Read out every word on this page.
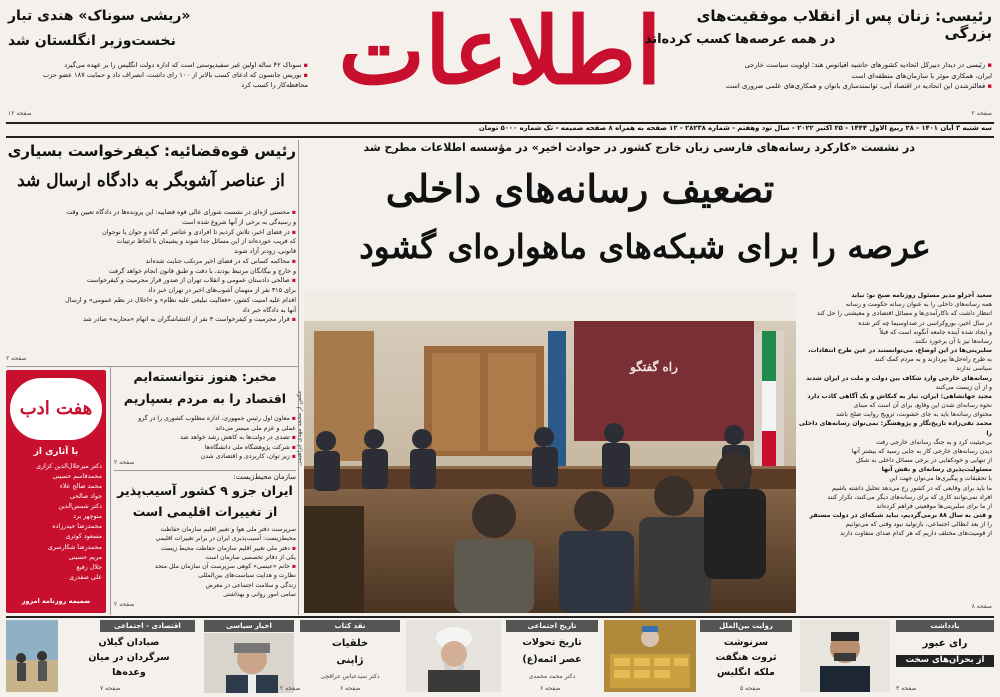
اطلاعات	رئیسی: زنان پس از انقلاب موفقیت‌های بزرگی
در همه عرصه‌ها کسب کرده‌اند
▪ رئیسی در دیدار دبیرکل اتحادیه کشورهای حاشیه اقیانوس هند: اولویت سیاست خارجی
ایران، همکاری موثر با سازمان‌های منطقه‌ای است
▪ فعالترشدن این اتحادیه در اقتصاد آبی، توانمندسازی بانوان و همکاری‌های علمی ضروری است
صفحه ۲
«ریشی سوناک» هندی تبار
نخست‌وزیر انگلستان شد
▪ سوناک ۴۲ ساله اولین غیر سفیدپوستی است که اداره دولت انگلیس را بر عهده می‌گیرد
▪ بوریس جانسون که ادعای کسب بالاتر از ۱۰۰ رای داشت، انصراف داد و حمایت ۱۸۷ عضو حزب
محافظه‌کار را کسب کرد
صفحه ۱۲
سه شنبه ۳ آبان ۱۴۰۱ - ۲۸ ربیع الاول ۱۴۴۴ - ۲۵ اکتبر ۲۰۲۲ - سال نود وهفتم - شماره ۲۸۲۳۸ - ۱۲ صفحه به همراه ۸ صفحه ضمیمه - تک شماره ۵۰۰۰ تومان
در نشست «کارکرد رسانه‌های فارسی زبان خارج کشور در حوادث اخیر» در مؤسسه اطلاعات مطرح شد
تضعیف رسانه‌های داخلی
عرصه را برای شبکه‌های ماهواره‌ای گشود
راه گفتگو
عکس از محمد مهدی ابراهیمی
سعید آجرلو مدیر مسئول روزنامه صبح نو: نباید
همه رسانه‌های داخلی را به عنوان رسانه حکومت و رسانه
انتظار داشت که ناکارآمدی‌ها و مسائل اقتصادی و معیشتی را حل کند
در سال اخیر، بوروکراسی در صداوسیما چه کتر شده
و ایجاد شده آینده جامعه آنگونه است که قبلاً
رسانه‌ها نیز با آن برخورد نکنند.
سلبریتی‌ها در این اوضاع، می‌توانستند در عین طرح انتقادات،
به طرح راه‌حل‌ها بپردازند و به مردم کمک کنند
سیاسی ندارند
رسانه‌های خارجی وارد شکاف بین دولت و ملت در ایران شدند
و از آن زیست می‌کنند
مجید جهانشاهی: ایران، نیاز به کنکاش و یک آگاهی کاذب دارد
نحوه رسانه‌ای شدن این وقایع، برای آن است که مبنای
محتوای رسانه‌ها باید به جای خشونت، ترویج روایت صلح باشد
محمد تقی‌زاده تاریخ‌نگار و پژوهشگر: نمی‌توان رسانه‌های داخلی را
بی‌حیثیت کرد و به جنگ رسانه‌ای خارجی رفت
دیدن رسانه‌های خارجی کار به جایی رسید که بیشتر آنها
از تنهایی و خودکفایی در برخی مسائل داخلی به شکل
مسئولیت‌پذیری رسانه‌ای و نقش آنها
با تحقیقات و پیگیری‌ها می‌توان جهت این
ما باید برای وقایعی که در کشور رخ می‌دهد تحلیل داشته باشیم
افراد نمی‌توانند کاری که برای رسانه‌های دیگر می‌کنند، تکرار کنند
از ما برای سلبریتی‌ها موقعیتی فراهم کرده‌اند
و قتی به سال ۸۸ برمی‌گردیم، نباید شبکه‌ای در دولت مستقر
را از بعد ابطالی اجتماعی، بازتولید نبود وقتی که می‌توانیم
از قومیت‌های مختلف داریم که هر کدام صدای متفاوت دارند
صفحه ۸
رئیس قوه‌قضائیه: کیفرخواست بسیاری
از عناصر آشوبگر به دادگاه ارسال شد
▪ محسنی اژه‌ای در نشست شورای عالی قوه قضاییه: این پرونده‌ها در دادگاه تعیین وقت
و رسیدگی به برخی از آنها شروع شده است
▪ در فضای اخیر، تلاش کردیم تا افرادی و عناصر کم گناه و جوان یا نوجوان
که فریب خورده‌اند از این مسائل جدا شوند و پشیمان با لحاظ ترتیبات
قانونی، زودتر آزاد شوند
▪ محاکمه کسانی که در فضای اخیر مرتکب جنایت شده‌اند
و خارج و بیگانگان مرتبط بودند، با دقت و طبق قانون انجام خواهد گرفت
▪ صالحی دادستان عمومی و انقلاب تهران از صدور قرار مجرمیت و کیفرخواست
برای ۳۱۵ نفر از متهمان آشوب‌های اخیر در تهران خبر داد
اقدام علیه امنیت کشور، «فعالیت تبلیغی علیه نظام» و «اخلال در نظم عمومی» و ارسال
آنها به دادگاه خبر داد
▪ قرار مجرمیت و کیفرخواست ۳ نفر از اغتشاشگران به اتهام «محاربه» صادر شد
صفحه ۲
هفت ادب
با آثاری از
دکتر میرجلال‌الدین کزازی
محمدقاسم حسینی
محمد صالح علاء
جواد صالحی
دکتر شمس‌الدین
منوچهر برد
محمدرضا حیدرزاده
مسعود کوثری
محمدرضا شکارسری
مریم حسینی
جلال رفیع
علی صفدری
ضمیمه روزنامه امروز
مخبر: هنوز نتوانسته‌ایم
اقتصاد را به مردم بسپاریم
▪ معاون اول رئیس جمهوری، اداره مطلوب کشوری را در گرو
عملی و عزم ملی میسر می‌داند
▪ تصدی در دولت‌ها به کاهش رشد خواهد شد
▪ شرکت پژوهشگاه ملی دانشگاه‌ها
▪ زیر توان، کاربردی و اقتصادی شدن
صفحه ۲
سازمان محیط‌زیست:
ایران جزو ۹ کشور آسیب‌پذیر
از تغییرات اقلیمی است
سرپرست دفتر ملی هوا و تغییر اقلیم سازمان حفاظت
محیط‌زیست: آسیب‌پذیری ایران در برابر تغییرات اقلیمی
▪ دفتر ملی تغییر اقلیم سازمان حفاظت محیط زیست
یکی از دفاتر تخصصی سازمان است
▪ خانم «عیسی» کوهی سرپرست آن سازمان ملل متحد
نظارت و هدایت سیاست‌های بین‌المللی
زندگی و سلامت اجتماعی در معرض
تمامی امور روانی و بهداشتی
صفحه ۲
اقتصادی - اجتماعی
صیادان گیلان
سرگردان در میان
وعده‌ها
صفحه ۷
اخبار سیاسی
صفحه ۲
نقد کتاب
خلقیات
ژاپنی
دکتر سید‌عباس عراقچی
صفحه ۶
تاریخ اجتماعی
تاریخ تحولات
عصر ائمه(ع)
دکتر محمد محمدی
صفحه ۶
روایت بین‌الملل
سرنوشت
ثروت هنگفت
ملکه انگلیس
صفحه ۵
یادداشت
رای عبور
از بحران‌های سخت
صفحه ۳
